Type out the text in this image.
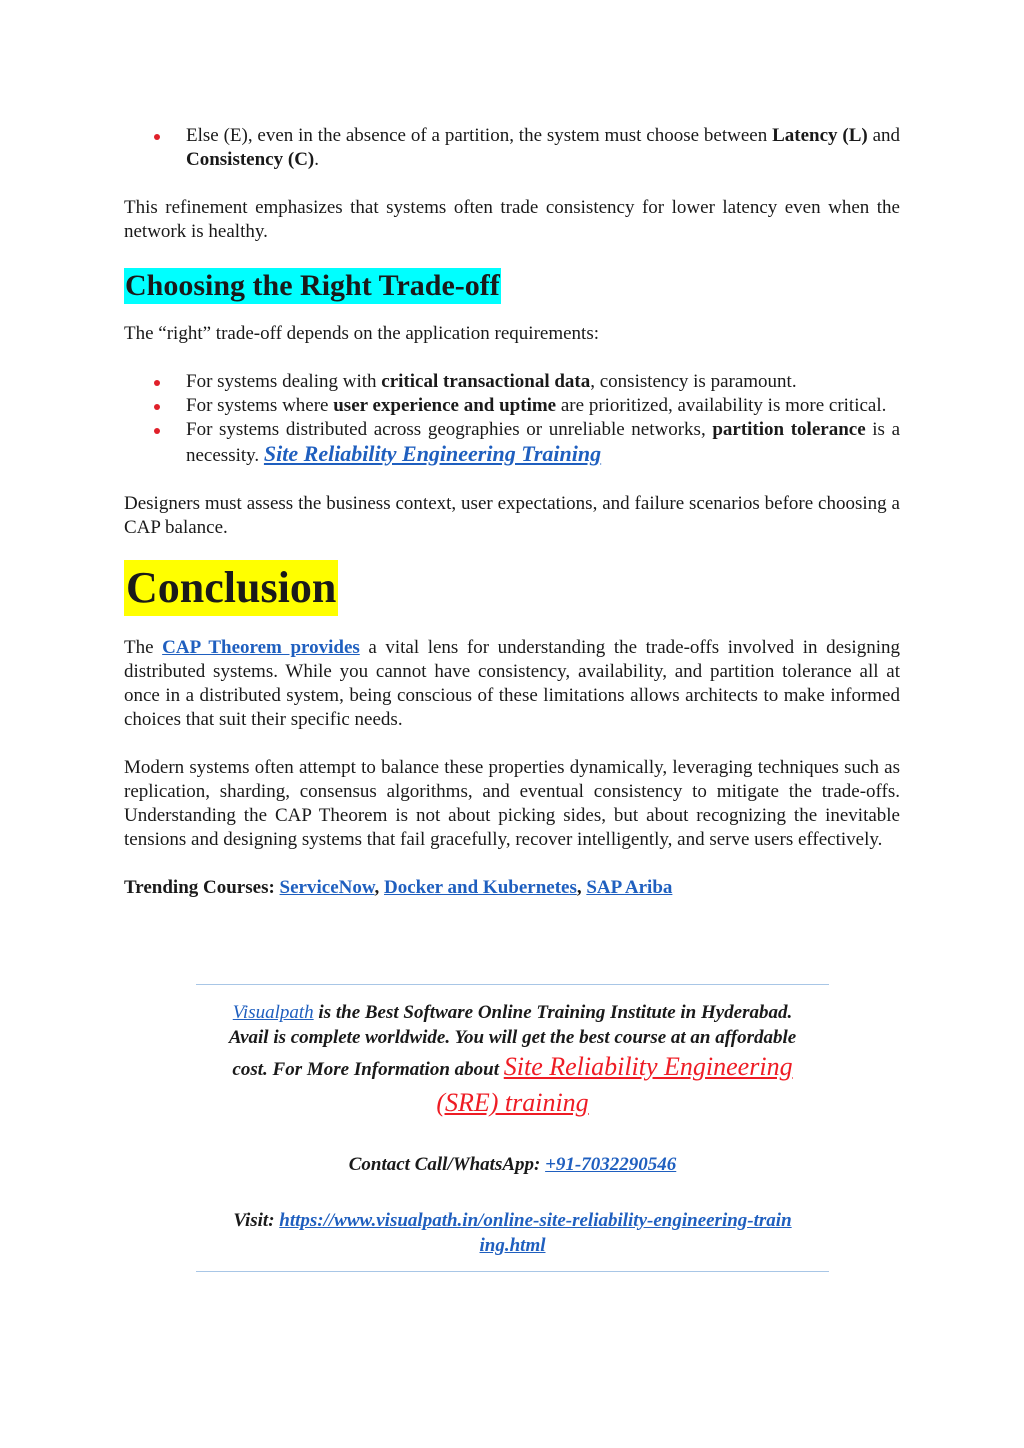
Else (E), even in the absence of a partition, the system must choose between Latency (L) and Consistency (C).

This refinement emphasizes that systems often trade consistency for lower latency even when the network is healthy.

Choosing the Right Trade-off

The “right” trade-off depends on the application requirements:

For systems dealing with critical transactional data, consistency is paramount.
For systems where user experience and uptime are prioritized, availability is more critical.
For systems distributed across geographies or unreliable networks, partition tolerance is a necessity. Site Reliability Engineering Training

Designers must assess the business context, user expectations, and failure scenarios before choosing a CAP balance.

Conclusion

The CAP Theorem provides a vital lens for understanding the trade-offs involved in designing distributed systems. While you cannot have consistency, availability, and partition tolerance all at once in a distributed system, being conscious of these limitations allows architects to make informed choices that suit their specific needs.

Modern systems often attempt to balance these properties dynamically, leveraging techniques such as replication, sharding, consensus algorithms, and eventual consistency to mitigate the trade-offs. Understanding the CAP Theorem is not about picking sides, but about recognizing the inevitable tensions and designing systems that fail gracefully, recover intelligently, and serve users effectively.

Trending Courses: ServiceNow, Docker and Kubernetes, SAP Ariba

Visualpath is the Best Software Online Training Institute in Hyderabad.
Avail is complete worldwide. You will get the best course at an affordable
cost. For More Information about Site Reliability Engineering (SRE) training
Contact Call/WhatsApp: +91-7032290546
Visit: https://www.visualpath.in/online-site-reliability-engineering-training.html
